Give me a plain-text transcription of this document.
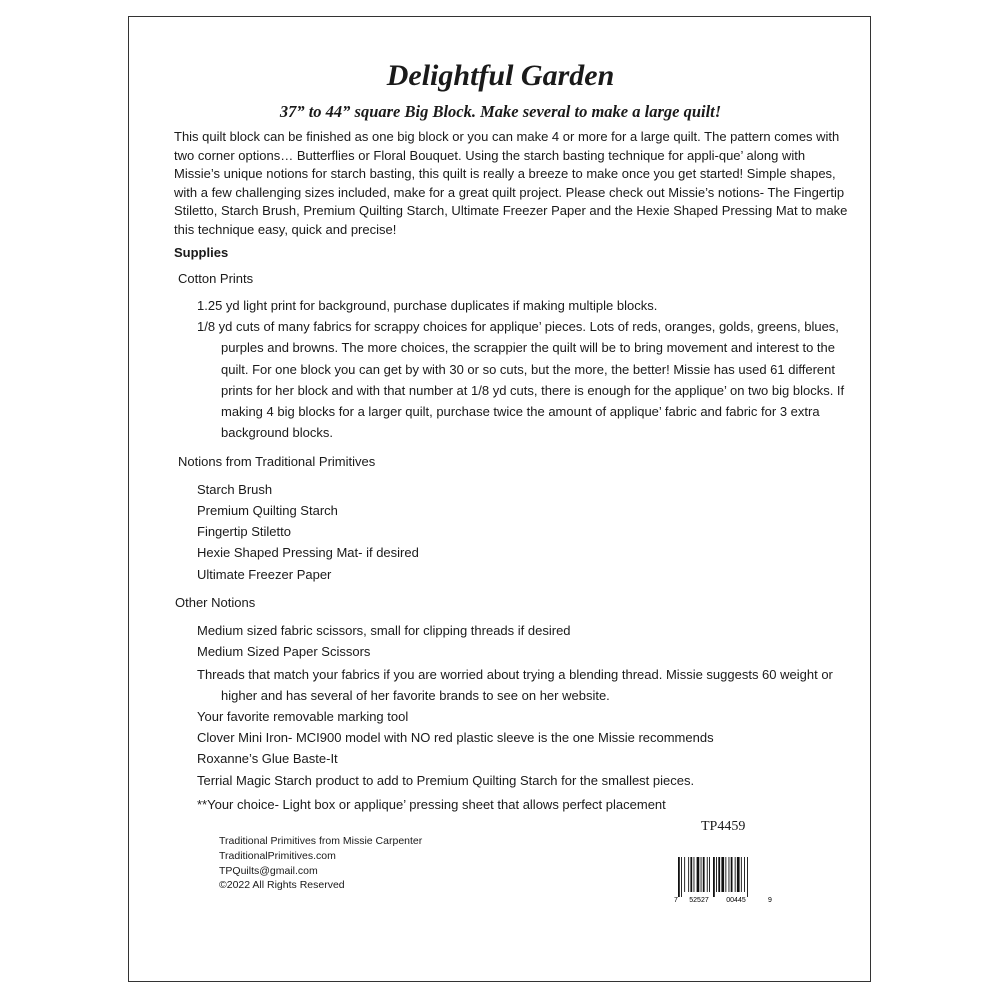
Delightful Garden
37” to 44” square Big Block. Make several to make a large quilt!

This quilt block can be finished as one big block or you can make 4 or more for a large quilt. The pattern comes with two corner options… Butterflies or Floral Bouquet. Using the starch basting technique for appli-que’ along with Missie’s unique notions for starch basting, this quilt is really a breeze to make once you get started! Simple shapes, with a few challenging sizes included, make for a great quilt project. Please check out Missie’s notions- The Fingertip Stiletto, Starch Brush, Premium Quilting Starch, Ultimate Freezer Paper and the Hexie Shaped Pressing Mat to make this technique easy, quick and precise!

Supplies
Cotton Prints
1.25 yd light print for background, purchase duplicates if making multiple blocks.
1/8 yd cuts of many fabrics for scrappy choices for applique’ pieces. Lots of reds, oranges, golds, greens, blues, purples and browns. The more choices, the scrappier the quilt will be to bring movement and interest to the quilt. For one block you can get by with 30 or so cuts, but the more, the better! Missie has used 61 different prints for her block and with that number at 1/8 yd cuts, there is enough for the applique’ on two big blocks. If making 4 big blocks for a larger quilt, purchase twice the amount of applique’ fabric and fabric for 3 extra background blocks.
Notions from Traditional Primitives
Starch Brush
Premium Quilting Starch
Fingertip Stiletto
Hexie Shaped Pressing Mat- if desired
Ultimate Freezer Paper
Other Notions
Medium sized fabric scissors, small for clipping threads if desired
Medium Sized Paper Scissors
Threads that match your fabrics if you are worried about trying a blending thread. Missie suggests 60 weight or higher and has several of her favorite brands to see on her website.
Your favorite removable marking tool
Clover Mini Iron- MCI900 model with NO red plastic sleeve is the one Missie recommends
Roxanne’s Glue Baste-It
Terrial Magic Starch product to add to Premium Quilting Starch for the smallest pieces.
**Your choice- Light box or applique’ pressing sheet that allows perfect placement
TP4459
Traditional Primitives from Missie Carpenter
TraditionalPrimitives.com
TPQuilts@gmail.com
©2022 All Rights Reserved
7 52527	00445	9
